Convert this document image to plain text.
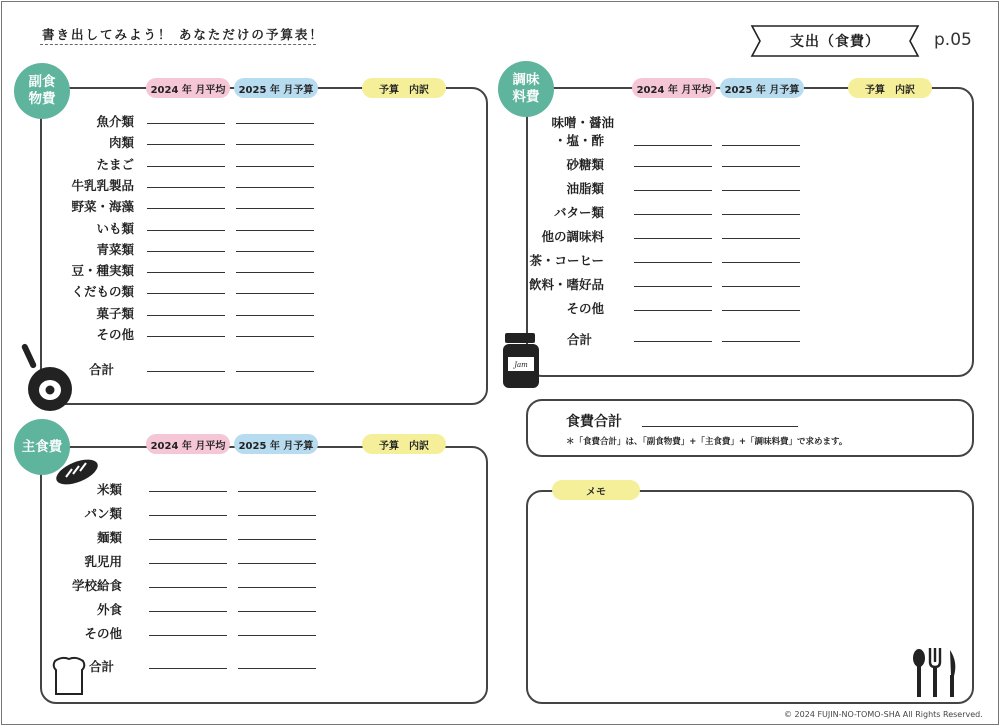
書き出してみよう！ あなただけの予算表！	支出（食費）	p.05
副食
物費
2024 年 月平均	2025 年 月予算	予算　内訳
魚介類
肉類
たまご
牛乳乳製品
野菜・海藻
いも類
青菜類
豆・種実類
くだもの類
菓子類
その他
合計
調味
料費	2024 年 月平均	2025 年 月予算	予算　内訳
味噌・醤油
・塩・酢
砂糖類
油脂類
バター類
他の調味料
茶・コーヒー
飲料・嗜好品
その他
合計
Jam
食費合計
＊「食費合計」は、「副食物費」+「主食費」+「調味料費」で求めます。
主食費	2024 年 月平均	2025 年 月予算	予算　内訳
米類
パン類
麺類
乳児用
学校給食
外食
その他
合計
メモ
© 2024 FUJIN-NO-TOMO-SHA All Rights Reserved.
